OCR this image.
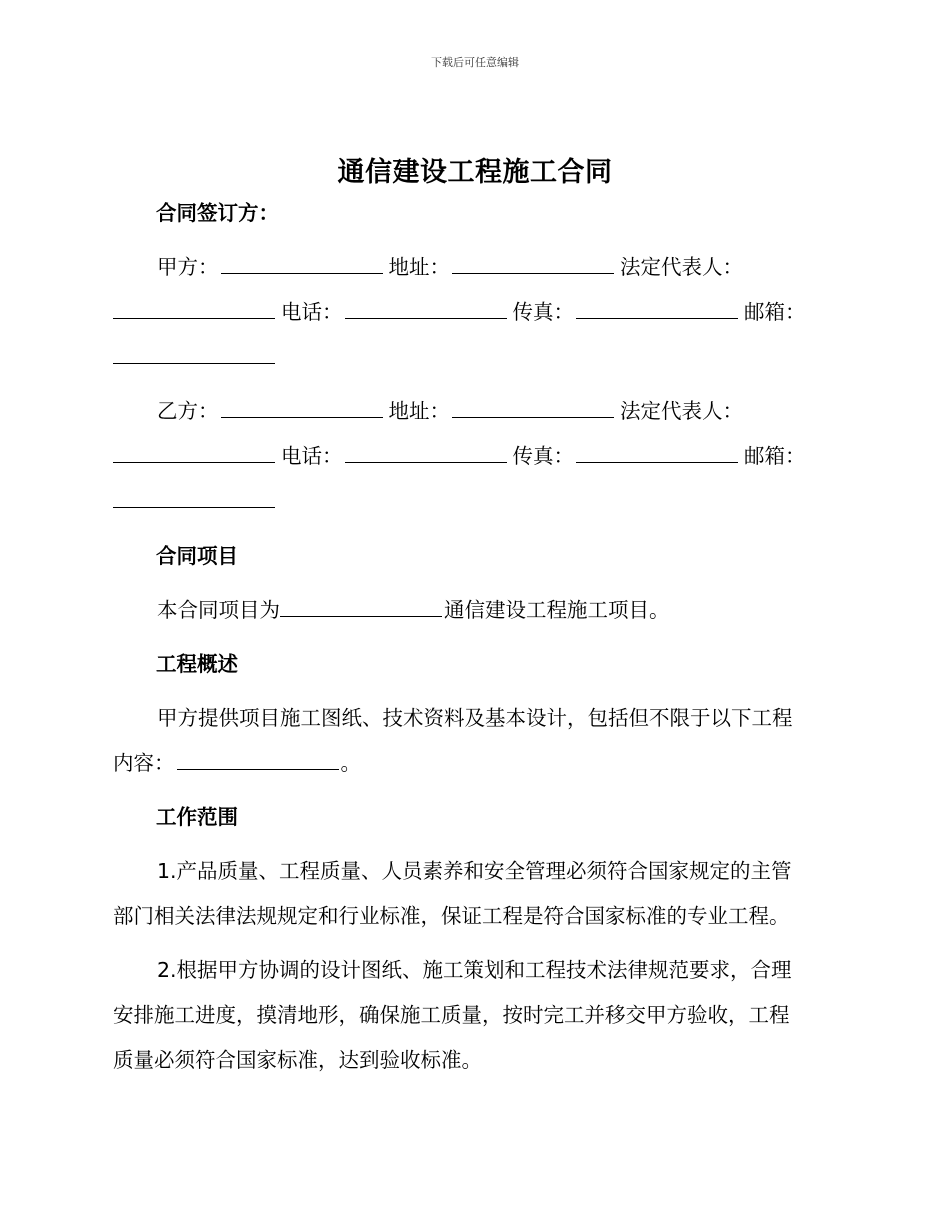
下载后可任意编辑
通信建设工程施工合同
合同签订方：
甲方：	地址：	法定代表人：
电话：	传真：	邮箱：
乙方：	地址：	法定代表人：
电话：	传真：	邮箱：
合同项目
本合同项目为	通信建设工程施工项目。
工程概述
甲方提供项目施工图纸、技术资料及基本设计，包括但不限于以下工程
内容：	。
工作范围
1.产品质量、工程质量、人员素养和安全管理必须符合国家规定的主管
部门相关法律法规规定和行业标准，保证工程是符合国家标准的专业工程。
2.根据甲方协调的设计图纸、施工策划和工程技术法律规范要求，合理
安排施工进度，摸清地形，确保施工质量，按时完工并移交甲方验收，工程
质量必须符合国家标准，达到验收标准。
